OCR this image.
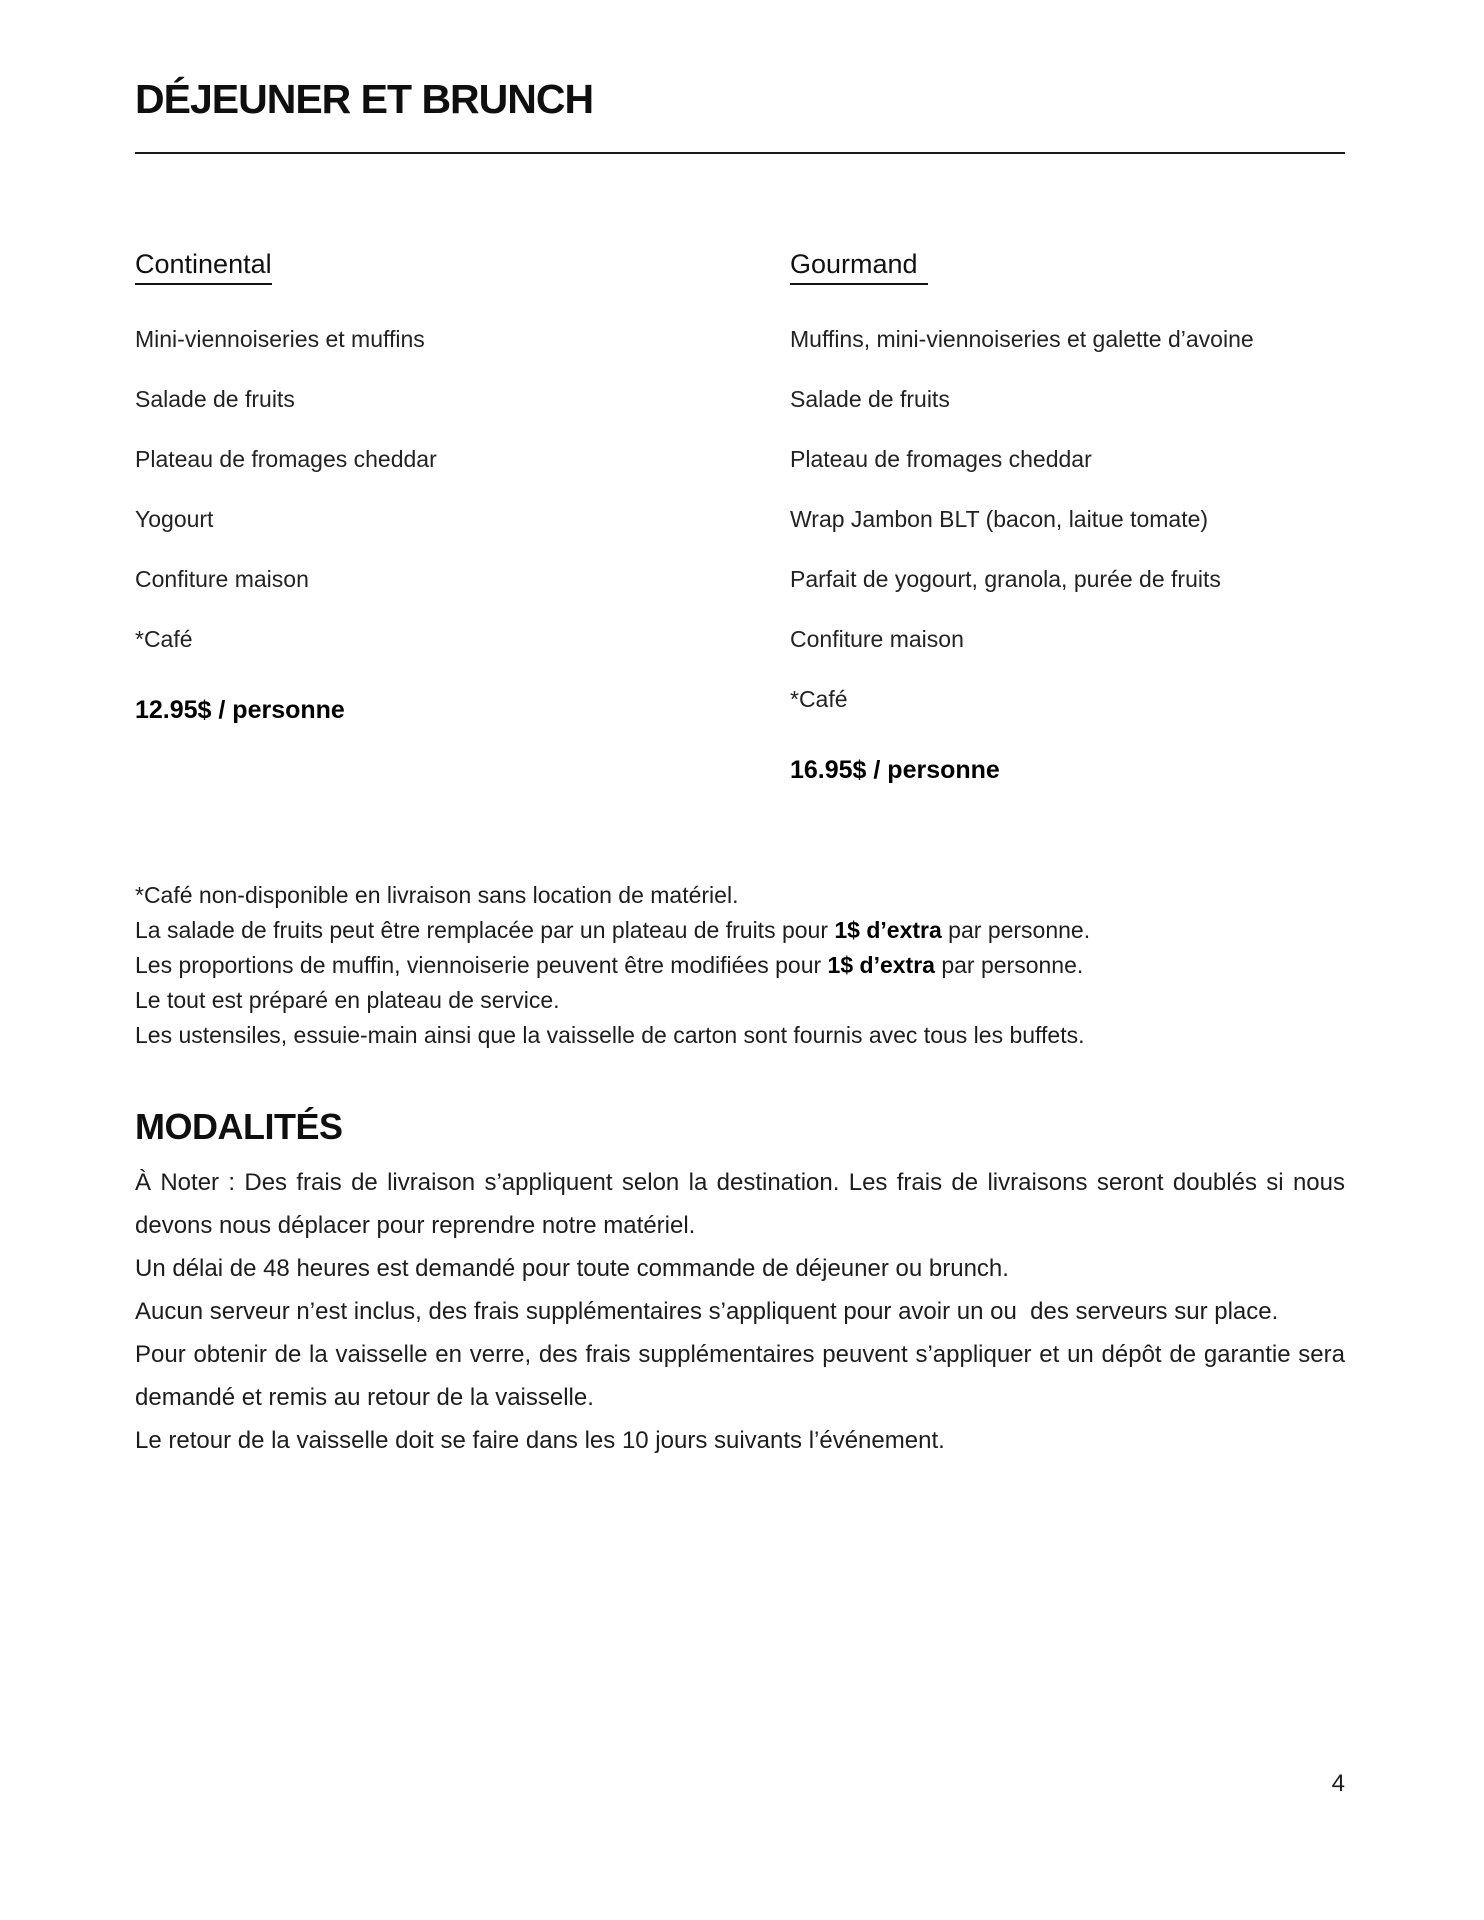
DÉJEUNER ET BRUNCH
Continental

Mini-viennoiseries et muffins

Salade de fruits

Plateau de fromages cheddar

Yogourt

Confiture maison

*Café

12.95$ / personne

Gourmand

Muffins, mini-viennoiseries et galette d’avoine

Salade de fruits

Plateau de fromages cheddar

Wrap Jambon BLT (bacon, laitue tomate)

Parfait de yogourt, granola, purée de fruits

Confiture maison

*Café

16.95$ / personne

*Café non-disponible en livraison sans location de matériel.

La salade de fruits peut être remplacée par un plateau de fruits pour 1$ d’extra par personne.

Les proportions de muffin, viennoiserie peuvent être modifiées pour 1$ d’extra par personne.

Le tout est préparé en plateau de service.

Les ustensiles, essuie-main ainsi que la vaisselle de carton sont fournis avec tous les buffets.

MODALITÉS

À Noter : Des frais de livraison s’appliquent selon la destination. Les frais de livraisons seront doublés si nous devons nous déplacer pour reprendre notre matériel.

Un délai de 48 heures est demandé pour toute commande de déjeuner ou brunch.

Aucun serveur n’est inclus, des frais supplémentaires s’appliquent pour avoir un ou  des serveurs sur place.

Pour obtenir de la vaisselle en verre, des frais supplémentaires peuvent s’appliquer et un dépôt de garantie sera demandé et remis au retour de la vaisselle.

Le retour de la vaisselle doit se faire dans les 10 jours suivants l’événement.

4
